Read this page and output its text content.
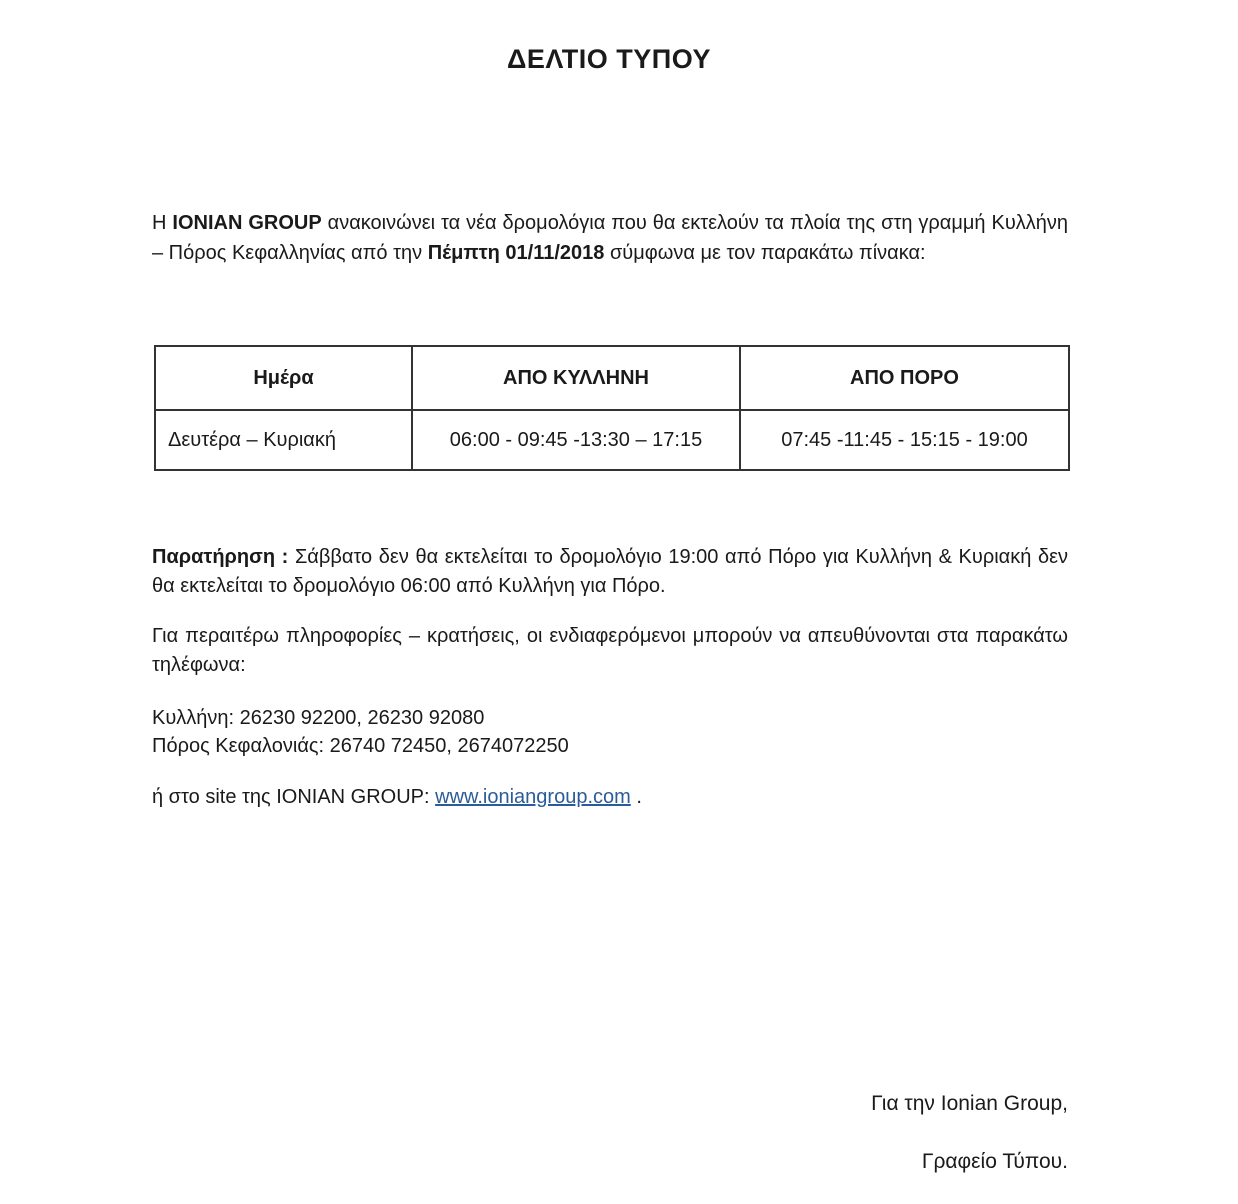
ΔΕΛΤΙΟ ΤΥΠΟΥ

Η IONIAN GROUP ανακοινώνει τα νέα δρομολόγια που θα εκτελούν τα πλοία της στη γραμμή Κυλλήνη – Πόρος Κεφαλληνίας από την Πέμπτη 01/11/2018 σύμφωνα με τον παρακάτω πίνακα:

Ημέρα	ΑΠΟ ΚΥΛΛΗΝΗ	ΑΠΟ ΠΟΡΟ
Δευτέρα – Κυριακή	06:00 - 09:45 -13:30 – 17:15	07:45 -11:45 - 15:15 - 19:00

Παρατήρηση : Σάββατο δεν θα εκτελείται το δρομολόγιο 19:00 από Πόρο για Κυλλήνη & Κυριακή δεν θα εκτελείται το δρομολόγιο 06:00 από Κυλλήνη για Πόρο.

Για περαιτέρω πληροφορίες – κρατήσεις, οι ενδιαφερόμενοι μπορούν να απευθύνονται στα παρακάτω τηλέφωνα:

Κυλλήνη: 26230 92200, 26230 92080
Πόρος Κεφαλονιάς: 26740 72450, 2674072250
ή στο site της IONIAN GROUP: www.ioniangroup.com .
Για την Ionian Group,
Γραφείο Τύπου.
